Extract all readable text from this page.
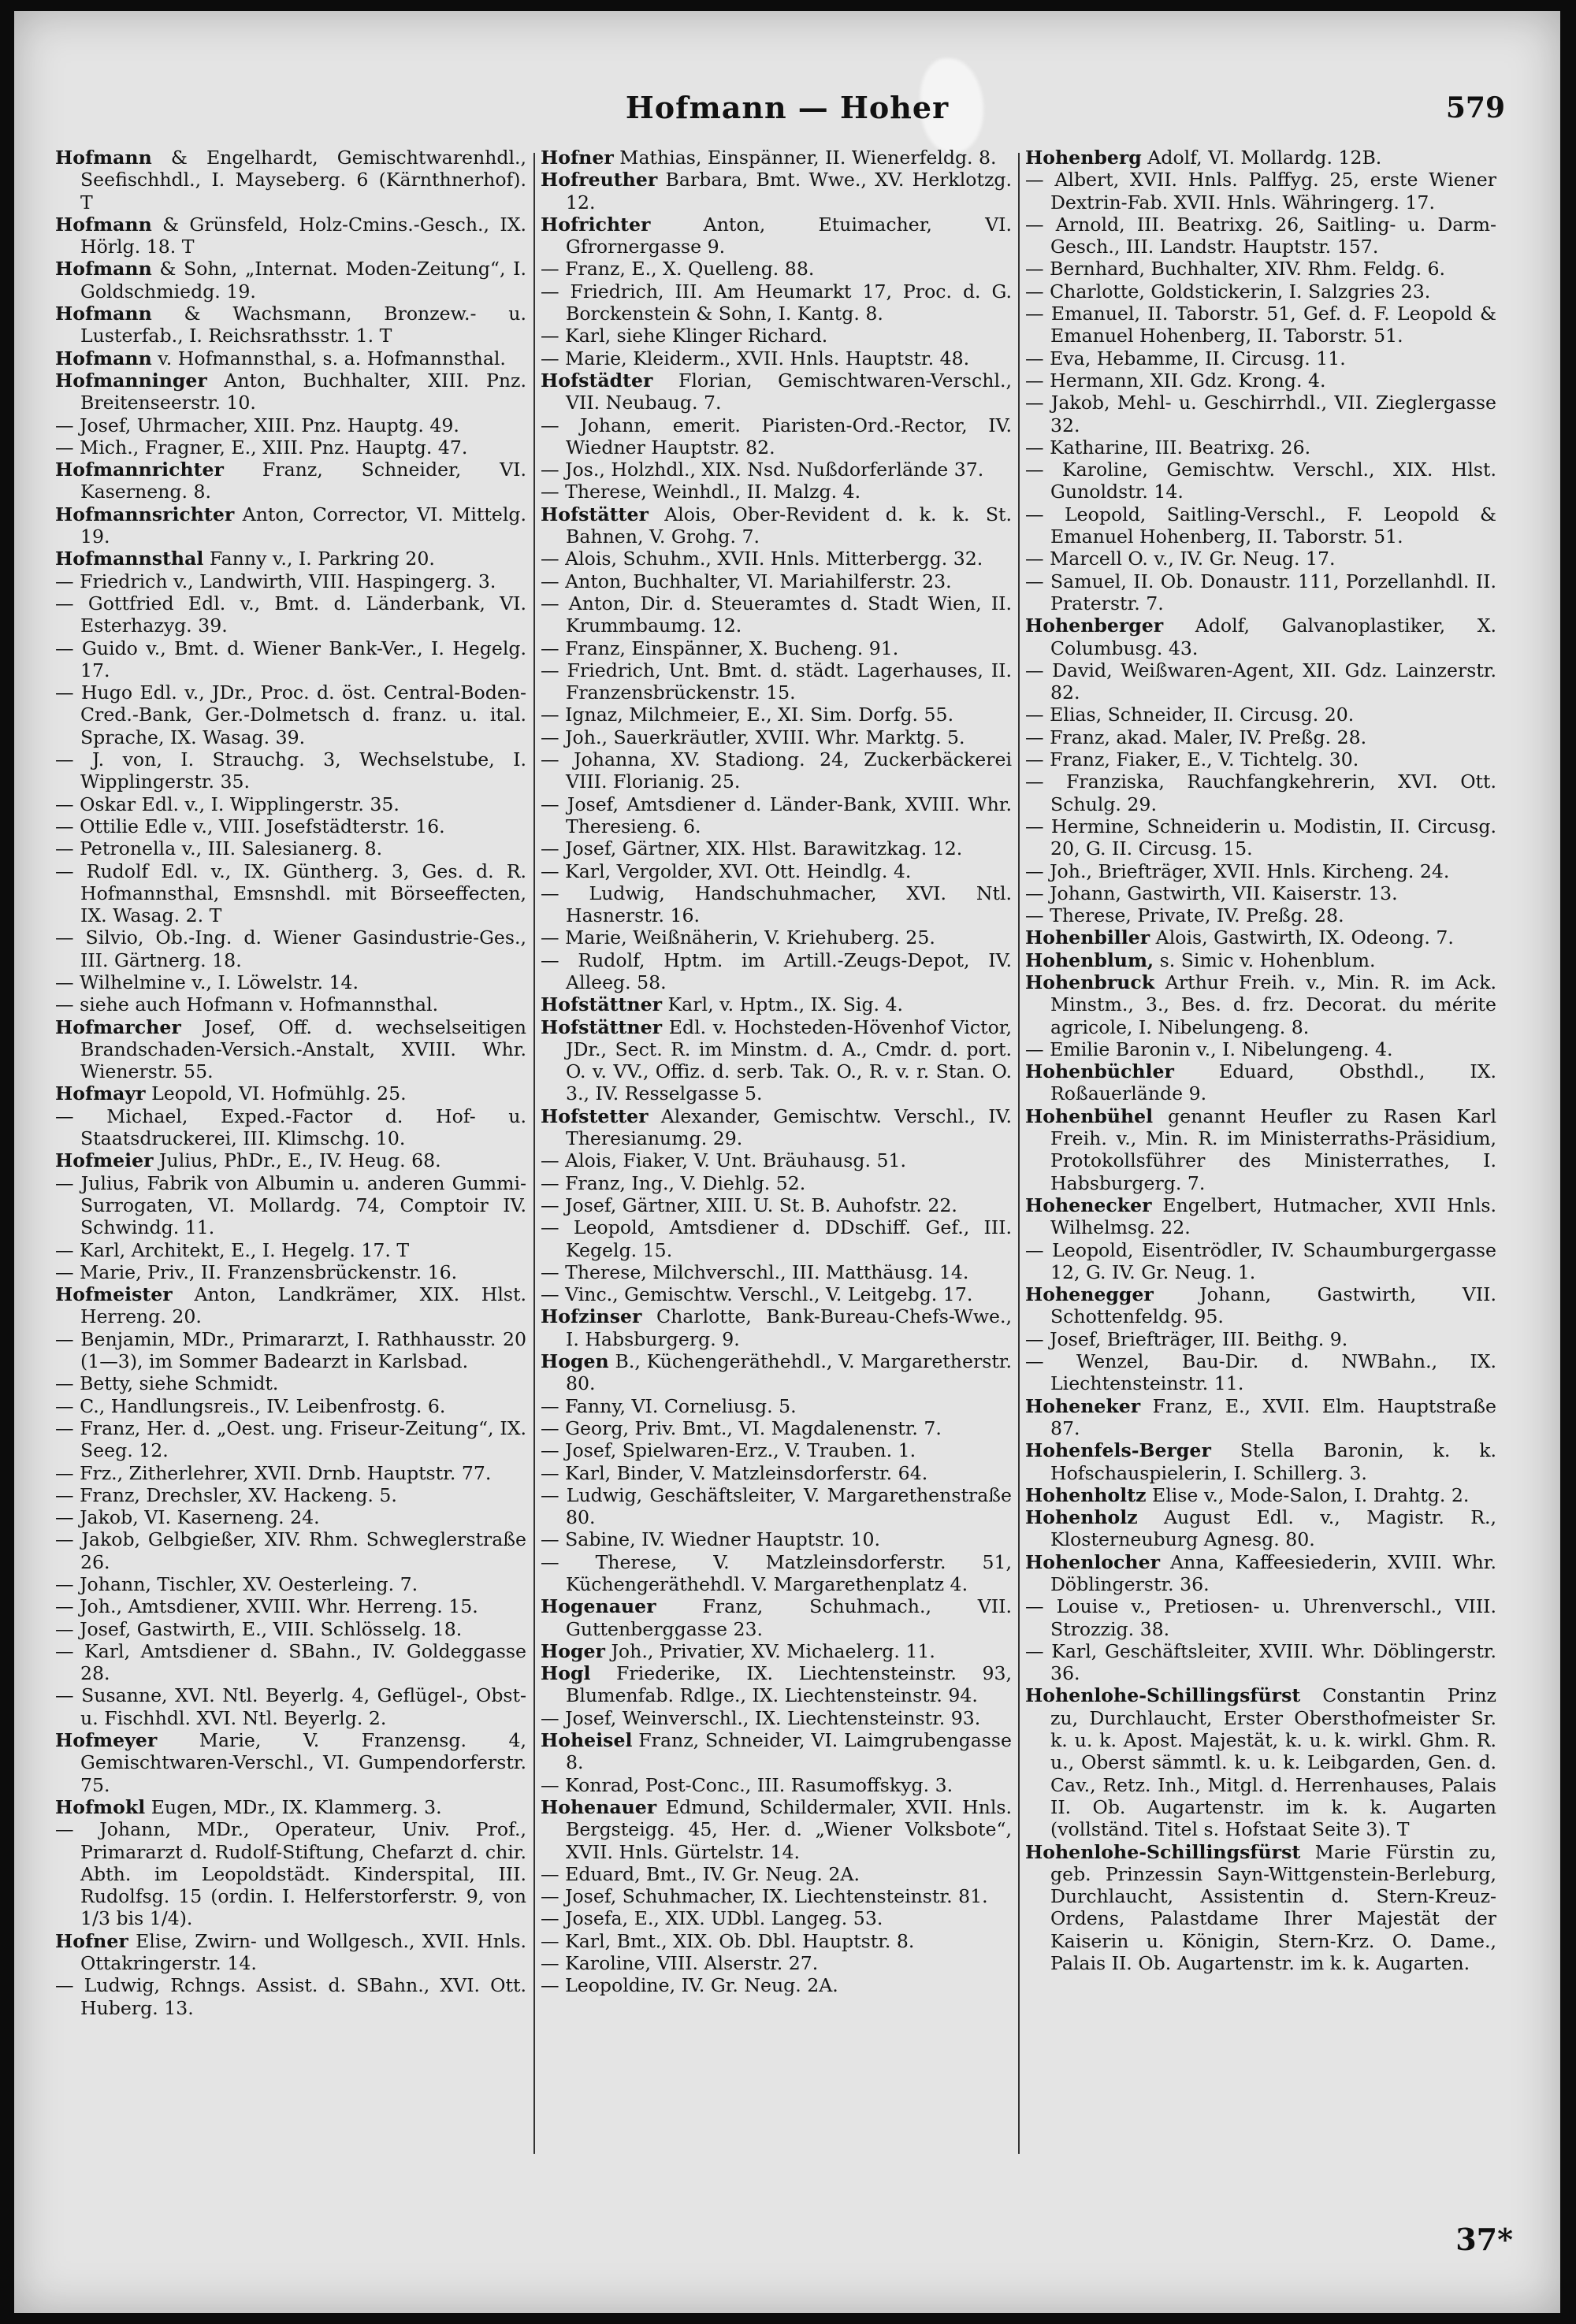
Hofmann — Hoher	579

Hofmann & Engelhardt, Gemischtwarenhdl., Seefischhdl., I. Mayseberg. 6 (Kärnthnerhof). T

Hofmann & Grünsfeld, Holz-Cmins.-Gesch., IX. Hörlg. 18. T

Hofmann & Sohn, „Internat. Moden-Zeitung“, I. Goldschmiedg. 19.

Hofmann & Wachsmann, Bronzew.- u. Lusterfab., I. Reichsrathsstr. 1. T

Hofmann v. Hofmannsthal, s. a. Hofmannsthal.

Hofmanninger Anton, Buchhalter, XIII. Pnz. Breitenseerstr. 10.

— Josef, Uhrmacher, XIII. Pnz. Hauptg. 49.

— Mich., Fragner, E., XIII. Pnz. Hauptg. 47.

Hofmannrichter Franz, Schneider, VI. Kaserneng. 8.

Hofmannsrichter Anton, Corrector, VI. Mittelg. 19.

Hofmannsthal Fanny v., I. Parkring 20.

— Friedrich v., Landwirth, VIII. Haspingerg. 3.

— Gottfried Edl. v., Bmt. d. Länderbank, VI. Esterhazyg. 39.

— Guido v., Bmt. d. Wiener Bank-Ver., I. Hegelg. 17.

— Hugo Edl. v., JDr., Proc. d. öst. Central-Boden-Cred.-Bank, Ger.-Dolmetsch d. franz. u. ital. Sprache, IX. Wasag. 39.

— J. von, I. Strauchg. 3, Wechselstube, I. Wipplingerstr. 35.

— Oskar Edl. v., I. Wipplingerstr. 35.

— Ottilie Edle v., VIII. Josefstädterstr. 16.

— Petronella v., III. Salesianerg. 8.

— Rudolf Edl. v., IX. Güntherg. 3, Ges. d. R. Hofmannsthal, Emsnshdl. mit Börseeffecten, IX. Wasag. 2. T

— Silvio, Ob.-Ing. d. Wiener Gasindustrie-Ges., III. Gärtnerg. 18.

— Wilhelmine v., I. Löwelstr. 14.

— siehe auch Hofmann v. Hofmannsthal.

Hofmarcher Josef, Off. d. wechselseitigen Brandschaden-Versich.-Anstalt, XVIII. Whr. Wienerstr. 55.

Hofmayr Leopold, VI. Hofmühlg. 25.

— Michael, Exped.-Factor d. Hof- u. Staatsdruckerei, III. Klimschg. 10.

Hofmeier Julius, PhDr., E., IV. Heug. 68.

— Julius, Fabrik von Albumin u. anderen Gummi-Surrogaten, VI. Mollardg. 74, Comptoir IV. Schwindg. 11.

— Karl, Architekt, E., I. Hegelg. 17. T

— Marie, Priv., II. Franzensbrückenstr. 16.

Hofmeister Anton, Landkrämer, XIX. Hlst. Herreng. 20.

— Benjamin, MDr., Primararzt, I. Rathhausstr. 20 (1—3), im Sommer Badearzt in Karlsbad.

— Betty, siehe Schmidt.

— C., Handlungsreis., IV. Leibenfrostg. 6.

— Franz, Her. d. „Oest. ung. Friseur-Zeitung“, IX. Seeg. 12.

— Frz., Zitherlehrer, XVII. Drnb. Hauptstr. 77.

— Franz, Drechsler, XV. Hackeng. 5.

— Jakob, VI. Kaserneng. 24.

— Jakob, Gelbgießer, XIV. Rhm. Schweglerstraße 26.

— Johann, Tischler, XV. Oesterleing. 7.

— Joh., Amtsdiener, XVIII. Whr. Herreng. 15.

— Josef, Gastwirth, E., VIII. Schlösselg. 18.

— Karl, Amtsdiener d. SBahn., IV. Goldeggasse 28.

— Susanne, XVI. Ntl. Beyerlg. 4, Geflügel-, Obst- u. Fischhdl. XVI. Ntl. Beyerlg. 2.

Hofmeyer Marie, V. Franzensg. 4, Gemischtwaren-Verschl., VI. Gumpendorferstr. 75.

Hofmokl Eugen, MDr., IX. Klammerg. 3.

— Johann, MDr., Operateur, Univ. Prof., Primararzt d. Rudolf-Stiftung, Chefarzt d. chir. Abth. im Leopoldstädt. Kinderspital, III. Rudolfsg. 15 (ordin. I. Helferstorferstr. 9, von 1/3 bis 1/4).

Hofner Elise, Zwirn- und Wollgesch., XVII. Hnls. Ottakringerstr. 14.

— Ludwig, Rchngs. Assist. d. SBahn., XVI. Ott. Huberg. 13.

Hofner Mathias, Einspänner, II. Wienerfeldg. 8.

Hofreuther Barbara, Bmt. Wwe., XV. Herklotzg. 12.

Hofrichter Anton, Etuimacher, VI. Gfrornergasse 9.

— Franz, E., X. Quelleng. 88.

— Friedrich, III. Am Heumarkt 17, Proc. d. G. Borckenstein & Sohn, I. Kantg. 8.

— Karl, siehe Klinger Richard.

— Marie, Kleiderm., XVII. Hnls. Hauptstr. 48.

Hofstädter Florian, Gemischtwaren-Verschl., VII. Neubaug. 7.

— Johann, emerit. Piaristen-Ord.-Rector, IV. Wiedner Hauptstr. 82.

— Jos., Holzhdl., XIX. Nsd. Nußdorferlände 37.

— Therese, Weinhdl., II. Malzg. 4.

Hofstätter Alois, Ober-Revident d. k. k. St. Bahnen, V. Grohg. 7.

— Alois, Schuhm., XVII. Hnls. Mitterbergg. 32.

— Anton, Buchhalter, VI. Mariahilferstr. 23.

— Anton, Dir. d. Steueramtes d. Stadt Wien, II. Krummbaumg. 12.

— Franz, Einspänner, X. Bucheng. 91.

— Friedrich, Unt. Bmt. d. städt. Lagerhauses, II. Franzensbrückenstr. 15.

— Ignaz, Milchmeier, E., XI. Sim. Dorfg. 55.

— Joh., Sauerkräutler, XVIII. Whr. Marktg. 5.

— Johanna, XV. Stadiong. 24, Zuckerbäckerei VIII. Florianig. 25.

— Josef, Amtsdiener d. Länder-Bank, XVIII. Whr. Theresieng. 6.

— Josef, Gärtner, XIX. Hlst. Barawitzkag. 12.

— Karl, Vergolder, XVI. Ott. Heindlg. 4.

— Ludwig, Handschuhmacher, XVI. Ntl. Hasnerstr. 16.

— Marie, Weißnäherin, V. Kriehuberg. 25.

— Rudolf, Hptm. im Artill.-Zeugs-Depot, IV. Alleeg. 58.

Hofstättner Karl, v. Hptm., IX. Sig. 4.

Hofstättner Edl. v. Hochsteden-Hövenhof Victor, JDr., Sect. R. im Minstm. d. A., Cmdr. d. port. O. v. VV., Offiz. d. serb. Tak. O., R. v. r. Stan. O. 3., IV. Resselgasse 5.

Hofstetter Alexander, Gemischtw. Verschl., IV. Theresianumg. 29.

— Alois, Fiaker, V. Unt. Bräuhausg. 51.

— Franz, Ing., V. Diehlg. 52.

— Josef, Gärtner, XIII. U. St. B. Auhofstr. 22.

— Leopold, Amtsdiener d. DDschiff. Gef., III. Kegelg. 15.

— Therese, Milchverschl., III. Matthäusg. 14.

— Vinc., Gemischtw. Verschl., V. Leitgebg. 17.

Hofzinser Charlotte, Bank-Bureau-Chefs-Wwe., I. Habsburgerg. 9.

Hogen B., Küchengeräthehdl., V. Margaretherstr. 80.

— Fanny, VI. Corneliusg. 5.

— Georg, Priv. Bmt., VI. Magdalenenstr. 7.

— Josef, Spielwaren-Erz., V. Trauben. 1.

— Karl, Binder, V. Matzleinsdorferstr. 64.

— Ludwig, Geschäftsleiter, V. Margarethenstraße 80.

— Sabine, IV. Wiedner Hauptstr. 10.

— Therese, V. Matzleinsdorferstr. 51, Küchengeräthehdl. V. Margarethenplatz 4.

Hogenauer Franz, Schuhmach., VII. Guttenberggasse 23.

Hoger Joh., Privatier, XV. Michaelerg. 11.

Hogl Friederike, IX. Liechtensteinstr. 93, Blumenfab. Rdlge., IX. Liechtensteinstr. 94.

— Josef, Weinverschl., IX. Liechtensteinstr. 93.

Hoheisel Franz, Schneider, VI. Laimgrubengasse 8.

— Konrad, Post-Conc., III. Rasumoffskyg. 3.

Hohenauer Edmund, Schildermaler, XVII. Hnls. Bergsteigg. 45, Her. d. „Wiener Volksbote“, XVII. Hnls. Gürtelstr. 14.

— Eduard, Bmt., IV. Gr. Neug. 2A.

— Josef, Schuhmacher, IX. Liechtensteinstr. 81.

— Josefa, E., XIX. UDbl. Langeg. 53.

— Karl, Bmt., XIX. Ob. Dbl. Hauptstr. 8.

— Karoline, VIII. Alserstr. 27.

— Leopoldine, IV. Gr. Neug. 2A.

Hohenberg Adolf, VI. Mollardg. 12B.

— Albert, XVII. Hnls. Palffyg. 25, erste Wiener Dextrin-Fab. XVII. Hnls. Währingerg. 17.

— Arnold, III. Beatrixg. 26, Saitling- u. Darm-Gesch., III. Landstr. Hauptstr. 157.

— Bernhard, Buchhalter, XIV. Rhm. Feldg. 6.

— Charlotte, Goldstickerin, I. Salzgries 23.

— Emanuel, II. Taborstr. 51, Gef. d. F. Leopold & Emanuel Hohenberg, II. Taborstr. 51.

— Eva, Hebamme, II. Circusg. 11.

— Hermann, XII. Gdz. Krong. 4.

— Jakob, Mehl- u. Geschirrhdl., VII. Zieglergasse 32.

— Katharine, III. Beatrixg. 26.

— Karoline, Gemischtw. Verschl., XIX. Hlst. Gunoldstr. 14.

— Leopold, Saitling-Verschl., F. Leopold & Emanuel Hohenberg, II. Taborstr. 51.

— Marcell O. v., IV. Gr. Neug. 17.

— Samuel, II. Ob. Donaustr. 111, Porzellanhdl. II. Praterstr. 7.

Hohenberger Adolf, Galvanoplastiker, X. Columbusg. 43.

— David, Weißwaren-Agent, XII. Gdz. Lainzerstr. 82.

— Elias, Schneider, II. Circusg. 20.

— Franz, akad. Maler, IV. Preßg. 28.

— Franz, Fiaker, E., V. Tichtelg. 30.

— Franziska, Rauchfangkehrerin, XVI. Ott. Schulg. 29.

— Hermine, Schneiderin u. Modistin, II. Circusg. 20, G. II. Circusg. 15.

— Joh., Briefträger, XVII. Hnls. Kircheng. 24.

— Johann, Gastwirth, VII. Kaiserstr. 13.

— Therese, Private, IV. Preßg. 28.

Hohenbiller Alois, Gastwirth, IX. Odeong. 7.

Hohenblum, s. Simic v. Hohenblum.

Hohenbruck Arthur Freih. v., Min. R. im Ack. Minstm., 3., Bes. d. frz. Decorat. du mérite agricole, I. Nibelungeng. 8.

— Emilie Baronin v., I. Nibelungeng. 4.

Hohenbüchler Eduard, Obsthdl., IX. Roßauerlände 9.

Hohenbühel genannt Heufler zu Rasen Karl Freih. v., Min. R. im Ministerraths-Präsidium, Protokollsführer des Ministerrathes, I. Habsburgerg. 7.

Hohenecker Engelbert, Hutmacher, XVII Hnls. Wilhelmsg. 22.

— Leopold, Eisentrödler, IV. Schaumburgergasse 12, G. IV. Gr. Neug. 1.

Hohenegger Johann, Gastwirth, VII. Schottenfeldg. 95.

— Josef, Briefträger, III. Beithg. 9.

— Wenzel, Bau-Dir. d. NWBahn., IX. Liechtensteinstr. 11.

Hoheneker Franz, E., XVII. Elm. Hauptstraße 87.

Hohenfels-Berger Stella Baronin, k. k. Hofschauspielerin, I. Schillerg. 3.

Hohenholtz Elise v., Mode-Salon, I. Drahtg. 2.

Hohenholz August Edl. v., Magistr. R., Klosterneuburg Agnesg. 80.

Hohenlocher Anna, Kaffeesiederin, XVIII. Whr. Döblingerstr. 36.

— Louise v., Pretiosen- u. Uhrenverschl., VIII. Strozzig. 38.

— Karl, Geschäftsleiter, XVIII. Whr. Döblingerstr. 36.

Hohenlohe-Schillingsfürst Constantin Prinz zu, Durchlaucht, Erster Obersthofmeister Sr. k. u. k. Apost. Majestät, k. u. k. wirkl. Ghm. R. u., Oberst sämmtl. k. u. k. Leibgarden, Gen. d. Cav., Retz. Inh., Mitgl. d. Herrenhauses, Palais II. Ob. Augartenstr. im k. k. Augarten (vollständ. Titel s. Hofstaat Seite 3). T

Hohenlohe-Schillingsfürst Marie Fürstin zu, geb. Prinzessin Sayn-Wittgenstein-Berleburg, Durchlaucht, Assistentin d. Stern-Kreuz-Ordens, Palastdame Ihrer Majestät der Kaiserin u. Königin, Stern-Krz. O. Dame., Palais II. Ob. Augartenstr. im k. k. Augarten.

37*
